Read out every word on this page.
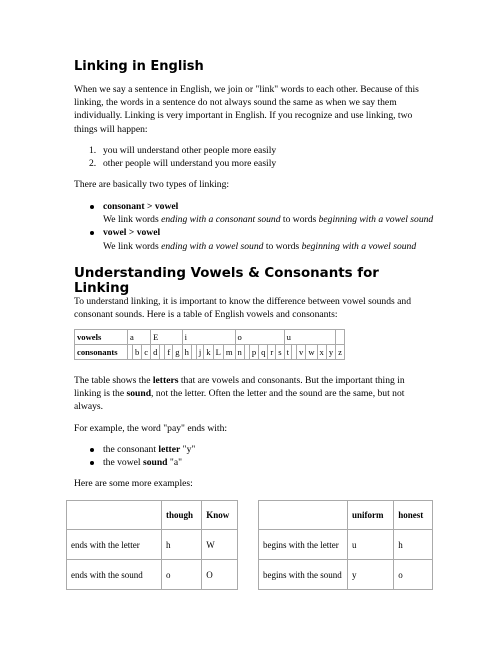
Linking in English

When we say a sentence in English, we join or "link" words to each other. Because of this linking, the words in a sentence do not always sound the same as when we say them individually. Linking is very important in English. If you recognize and use linking, two things will happen:

1. you will understand other people more easily
2. other people will understand you more easily

There are basically two types of linking:

consonant > vowel
We link words ending with a consonant sound to words beginning with a vowel sound
vowel > vowel
We link words ending with a vowel sound to words beginning with a vowel sound
Understanding Vowels & Consonants for Linking

To understand linking, it is important to know the difference between vowel sounds and consonant sounds. Here is a table of English vowels and consonants:

vowels	a			E				i						o						u						
consonants		b	c	d		f	g	h		j	k	L	m	n		p	q	r	s	t		v	w	x	y	z

The table shows the letters that are vowels and consonants. But the important thing in linking is the sound, not the letter. Often the letter and the sound are the same, but not always.

For example, the word "pay" ends with:

the consonant letter "y"
the vowel sound "a"

Here are some more examples:

	though	Know
ends with the letter	h	W
ends with the sound	o	O
	uniform	honest
begins with the letter	u	h
begins with the sound	y	o
